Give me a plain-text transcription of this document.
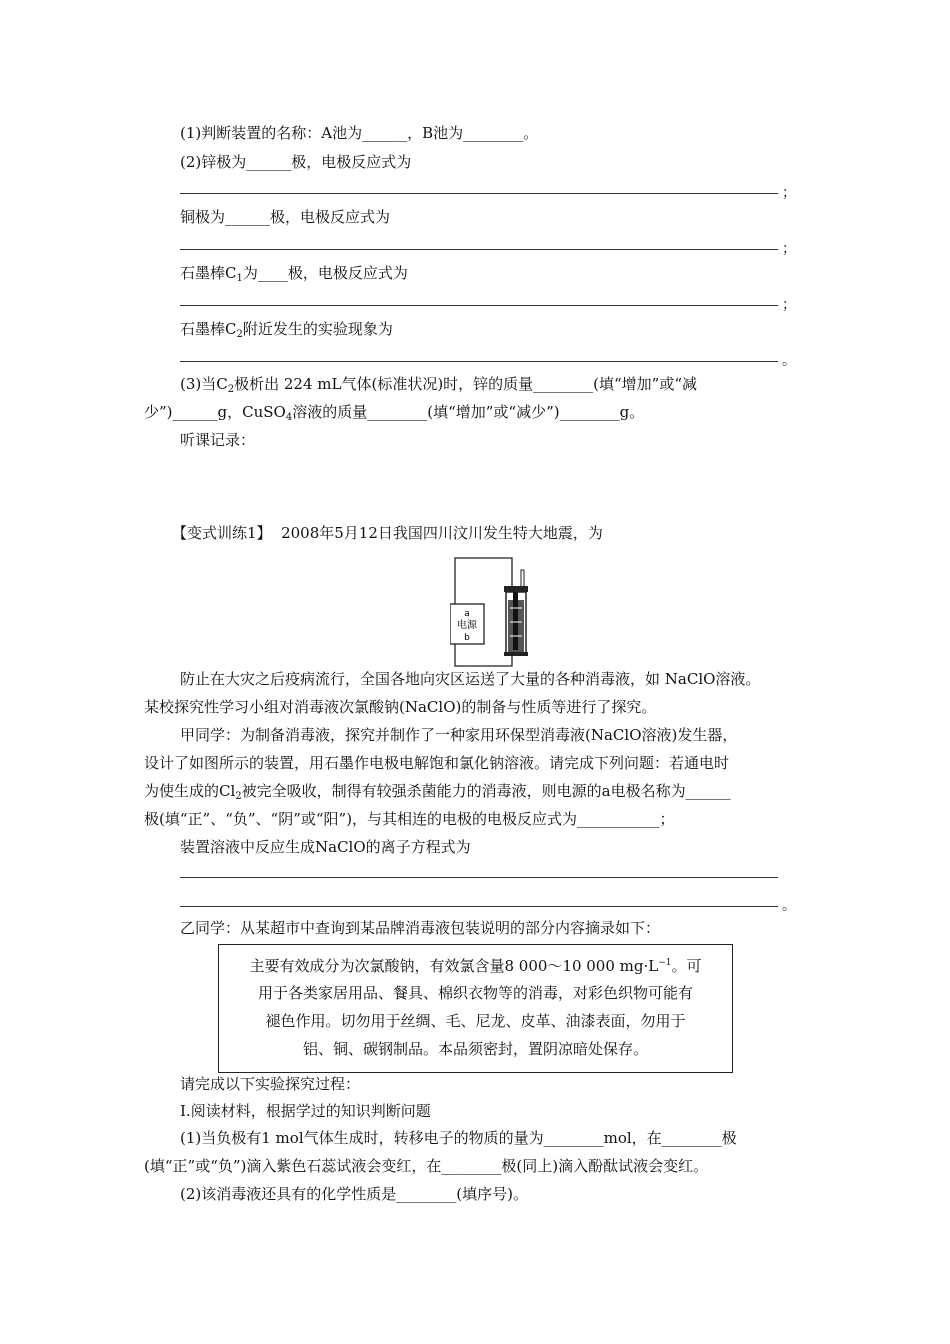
(1)判断装置的名称：A池为______，B池为________。
(2)锌极为______极，电极反应式为
；
铜极为______极，电极反应式为
；
石墨棒$C_1$为____极，电极反应式为
；
石墨棒$C_2$附近发生的实验现象为
。
(3)当$C_2$极析出 224 mL气体(标准状况)时，锌的质量________(填“增加”或“减
少”)______g，CuSO$_4$溶液的质量________(填“增加”或“减少”)________g。
听课记录：
【变式训练1】 2008年5月12日我国四川汶川发生特大地震，为
a
电源
b
防止在大灾之后疫病流行，全国各地向灾区运送了大量的各种消毒液，如 NaClO溶液。
某校探究性学习小组对消毒液次氯酸钠(NaClO)的制备与性质等进行了探究。
甲同学：为制备消毒液，探究并制作了一种家用环保型消毒液(NaClO溶液)发生器，
设计了如图所示的装置，用石墨作电极电解饱和氯化钠溶液。请完成下列问题：若通电时
为使生成的$Cl_2$被完全吸收，制得有较强杀菌能力的消毒液，则电源的a电极名称为______
极(填“正”、“负”、“阴”或“阳”)，与其相连的电极的电极反应式为___________；
装置溶液中反应生成NaClO的离子方程式为
。
乙同学：从某超市中查询到某品牌消毒液包装说明的部分内容摘录如下：
主要有效成分为次氯酸钠，有效氯含量8 000～10 000 $mg\cdot L^{-1}$。可
用于各类家居用品、餐具、棉织衣物等的消毒，对彩色织物可能有
褪色作用。切勿用于丝绸、毛、尼龙、皮革、油漆表面，勿用于
铝、铜、碳钢制品。本品须密封，置阴凉暗处保存。
请完成以下实验探究过程：
Ⅰ.阅读材料，根据学过的知识判断问题
(1)当负极有1 mol气体生成时，转移电子的物质的量为________mol，在________极
(填“正”或“负”)滴入紫色石蕊试液会变红，在________极(同上)滴入酚酞试液会变红。
(2)该消毒液还具有的化学性质是________(填序号)。
